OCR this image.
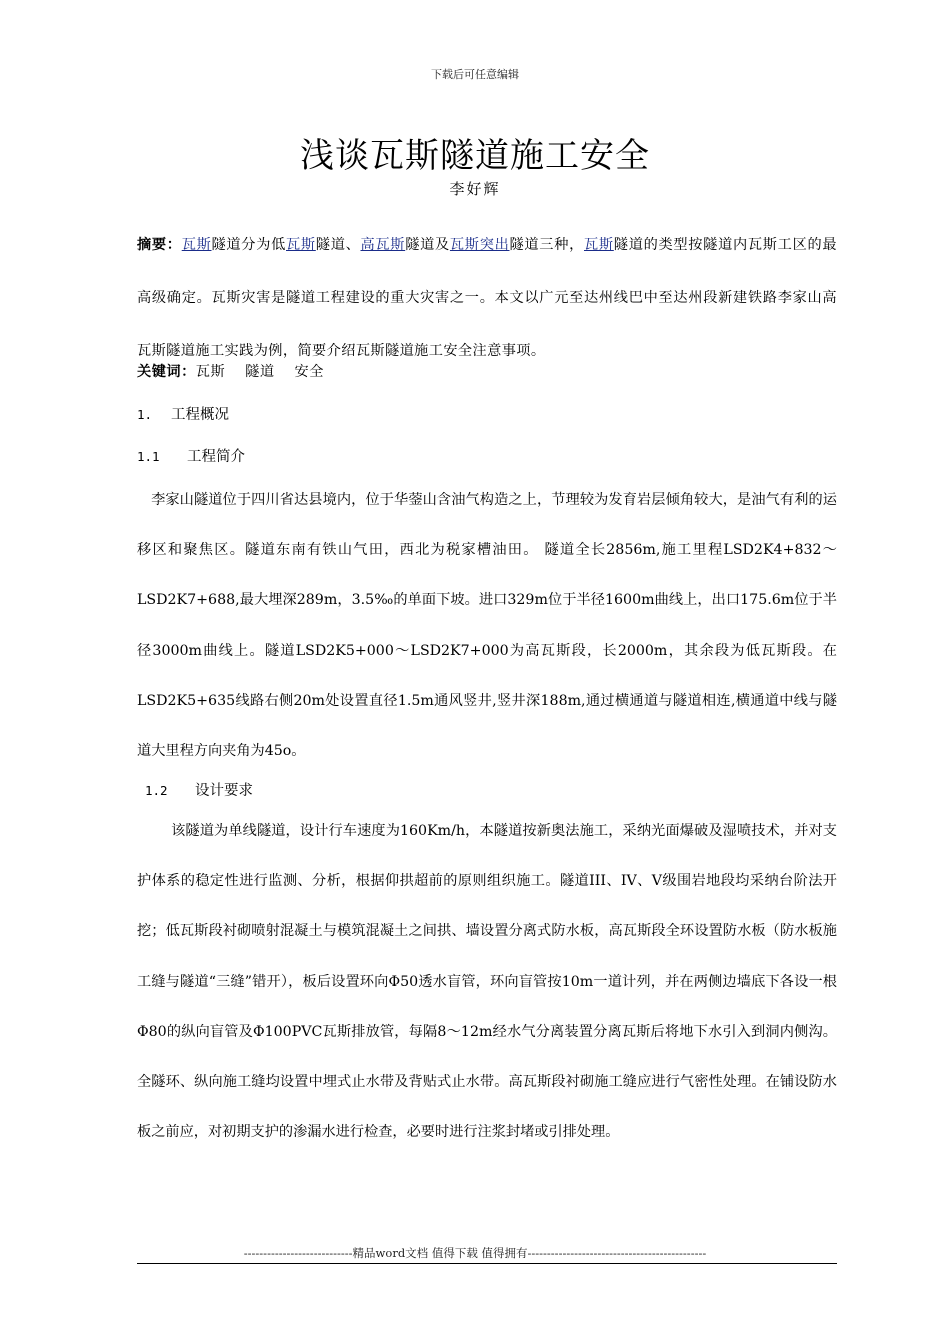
下载后可任意编辑
浅谈瓦斯隧道施工安全
李好辉
摘要：瓦斯隧道分为低瓦斯隧道、高瓦斯隧道及瓦斯突出隧道三种，瓦斯隧道的类型按隧道内瓦斯工区的最高级确定。瓦斯灾害是隧道工程建设的重大灾害之一。本文以广元至达州线巴中至达州段新建铁路李家山高瓦斯隧道施工实践为例，简要介绍瓦斯隧道施工安全注意事项。
关键词：瓦斯 隧道 安全
1. 工程概况
1.1 工程简介
李家山隧道位于四川省达县境内，位于华蓥山含油气构造之上，节理较为发育岩层倾角较大，是油气有利的运移区和聚焦区。隧道东南有铁山气田，西北为税家槽油田。 隧道全长2856m,施工里程LSD2K4+832～LSD2K7+688,最大埋深289m，3.5‰的单面下坡。进口329m位于半径1600m曲线上，出口175.6m位于半径3000m曲线上。隧道LSD2K5+000～LSD2K7+000为高瓦斯段，长2000m，其余段为低瓦斯段。在LSD2K5+635线路右侧20m处设置直径1.5m通风竖井,竖井深188m,通过横通道与隧道相连,横通道中线与隧道大里程方向夹角为45o。
1.2 设计要求
该隧道为单线隧道，设计行车速度为160Km/h，本隧道按新奥法施工，采纳光面爆破及湿喷技术，并对支护体系的稳定性进行监测、分析，根据仰拱超前的原则组织施工。隧道III、IV、V级围岩地段均采纳台阶法开挖；低瓦斯段衬砌喷射混凝土与模筑混凝土之间拱、墙设置分离式防水板，高瓦斯段全环设置防水板（防水板施工缝与隧道“三缝”错开），板后设置环向Φ50透水盲管，环向盲管按10m一道计列，并在两侧边墙底下各设一根Φ80的纵向盲管及Φ100PVC瓦斯排放管，每隔8～12m经水气分离装置分离瓦斯后将地下水引入到洞内侧沟。全隧环、纵向施工缝均设置中埋式止水带及背贴式止水带。高瓦斯段衬砌施工缝应进行气密性处理。在铺设防水板之前应，对初期支护的渗漏水进行检查，必要时进行注浆封堵或引排处理。
----------------------------精品word文档 值得下载 值得拥有----------------------------------------------
